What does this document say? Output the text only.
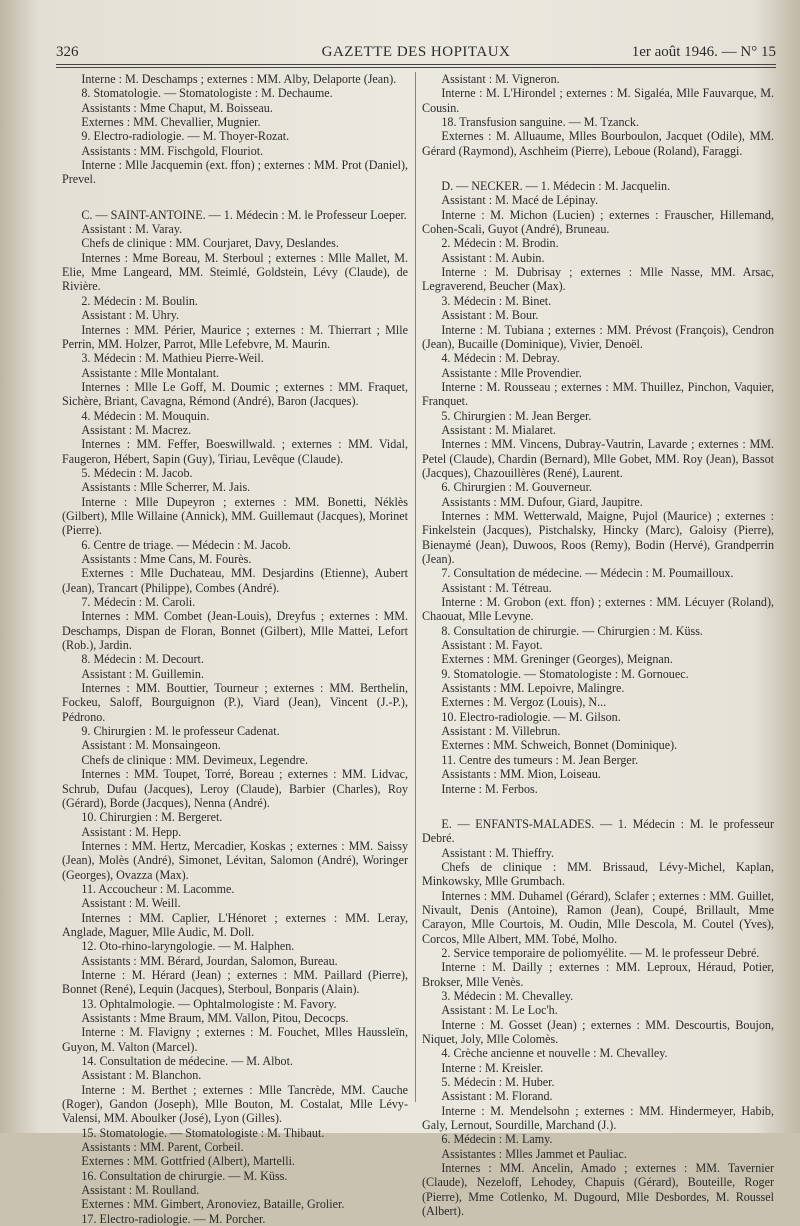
326	GAZETTE DES HOPITAUX	1er août 1946. — N° 15

Interne : M. Deschamps ; externes : MM. Alby, Delaporte (Jean).

8. Stomatologie. — Stomatologiste : M. Dechaume.

Assistants : Mme Chaput, M. Boisseau.

Externes : MM. Chevallier, Mugnier.

9. Electro-radiologie. — M. Thoyer-Rozat.

Assistants : MM. Fischgold, Flouriot.

Interne : Mlle Jacquemin (ext. ffon) ; externes : MM. Prot (Daniel), Prevel.

C. — SAINT-ANTOINE. — 1. Médecin : M. le Professeur Loeper.

Assistant : M. Varay.

Chefs de clinique : MM. Courjaret, Davy, Deslandes.

Internes : Mme Boreau, M. Sterboul ; externes : Mlle Mallet, M. Elie, Mme Langeard, MM. Steimlé, Goldstein, Lévy (Claude), de Rivière.

2. Médecin : M. Boulin.

Assistant : M. Uhry.

Internes : MM. Périer, Maurice ; externes : M. Thierrart ; Mlle Perrin, MM. Holzer, Parrot, Mlle Lefebvre, M. Maurin.

3. Médecin : M. Mathieu Pierre-Weil.

Assistante : Mlle Montalant.

Internes : Mlle Le Goff, M. Doumic ; externes : MM. Fraquet, Sichère, Briant, Cavagna, Rémond (André), Baron (Jacques).

4. Médecin : M. Mouquin.

Assistant : M. Macrez.

Internes : MM. Feffer, Boeswillwald. ; externes : MM. Vidal, Faugeron, Hébert, Sapin (Guy), Tiriau, Levêque (Claude).

5. Médecin : M. Jacob.

Assistants : Mlle Scherrer, M. Jais.

Interne : Mlle Dupeyron ; externes : MM. Bonetti, Néklès (Gilbert), Mlle Willaine (Annick), MM. Guillemaut (Jacques), Morinet (Pierre).

6. Centre de triage. — Médecin : M. Jacob.

Assistants : Mme Cans, M. Fourès.

Externes : Mlle Duchateau, MM. Desjardins (Etienne), Aubert (Jean), Trancart (Philippe), Combes (André).

7. Médecin : M. Caroli.

Internes : MM. Combet (Jean-Louis), Dreyfus ; externes : MM. Deschamps, Dispan de Floran, Bonnet (Gilbert), Mlle Mattei, Lefort (Rob.), Jardin.

8. Médecin : M. Decourt.

Assistant : M. Guillemin.

Internes : MM. Bouttier, Tourneur ; externes : MM. Berthelin, Fockeu, Saloff, Bourguignon (P.), Viard (Jean), Vincent (J.-P.), Pédrono.

9. Chirurgien : M. le professeur Cadenat.

Assistant : M. Monsaingeon.

Chefs de clinique : MM. Devimeux, Legendre.

Internes : MM. Toupet, Torré, Boreau ; externes : MM. Lidvac, Schrub, Dufau (Jacques), Leroy (Claude), Barbier (Charles), Roy (Gérard), Borde (Jacques), Nenna (André).

10. Chirurgien : M. Bergeret.

Assistant : M. Hepp.

Internes : MM. Hertz, Mercadier, Koskas ; externes : MM. Saissy (Jean), Molès (André), Simonet, Lévitan, Salomon (André), Woringer (Georges), Ovazza (Max).

11. Accoucheur : M. Lacomme.

Assistant : M. Weill.

Internes : MM. Caplier, L'Hénoret ; externes : MM. Leray, Anglade, Maguer, Mlle Audic, M. Doll.

12. Oto-rhino-laryngologie. — M. Halphen.

Assistants : MM. Bérard, Jourdan, Salomon, Bureau.

Interne : M. Hérard (Jean) ; externes : MM. Paillard (Pierre), Bonnet (René), Lequin (Jacques), Sterboul, Bonparis (Alain).

13. Ophtalmologie. — Ophtalmologiste : M. Favory.

Assistants : Mme Braum, MM. Vallon, Pitou, Decocps.

Interne : M. Flavigny ; externes : M. Fouchet, Mlles Haussleïn, Guyon, M. Valton (Marcel).

14. Consultation de médecine. — M. Albot.

Assistant : M. Blanchon.

Interne : M. Berthet ; externes : Mlle Tancrède, MM. Cauche (Roger), Gandon (Joseph), Mlle Bouton, M. Costalat, Mlle Lévy-Valensi, MM. Aboulker (José), Lyon (Gilles).

15. Stomatologie. — Stomatologiste : M. Thibaut.

Assistants : MM. Parent, Corbeil.

Externes : MM. Gottfried (Albert), Martelli.

16. Consultation de chirurgie. — M. Küss.

Assistant : M. Roulland.

Externes : MM. Gimbert, Aronoviez, Bataille, Grolier.

17. Electro-radiologie. — M. Porcher.

Assistant : M. Vigneron.

Interne : M. L'Hirondel ; externes : M. Sigaléa, Mlle Fauvarque, M. Cousin.

18. Transfusion sanguine. — M. Tzanck.

Externes : M. Alluaume, Mlles Bourboulon, Jacquet (Odile), MM. Gérard (Raymond), Aschheim (Pierre), Leboue (Roland), Faraggi.

D. — NECKER. — 1. Médecin : M. Jacquelin.

Assistant : M. Macé de Lépinay.

Interne : M. Michon (Lucien) ; externes : Frauscher, Hillemand, Cohen-Scali, Guyot (André), Bruneau.

2. Médecin : M. Brodin.

Assistant : M. Aubin.

Interne : M. Dubrisay ; externes : Mlle Nasse, MM. Arsac, Legraverend, Beucher (Max).

3. Médecin : M. Binet.

Assistant : M. Bour.

Interne : M. Tubiana ; externes : MM. Prévost (François), Cendron (Jean), Bucaille (Dominique), Vivier, Denoël.

4. Médecin : M. Debray.

Assistante : Mlle Provendier.

Interne : M. Rousseau ; externes : MM. Thuillez, Pinchon, Vaquier, Franquet.

5. Chirurgien : M. Jean Berger.

Assistant : M. Mialaret.

Internes : MM. Vincens, Dubray-Vautrin, Lavarde ; externes : MM. Petel (Claude), Chardin (Bernard), Mlle Gobet, MM. Roy (Jean), Bassot (Jacques), Chazouillères (René), Laurent.

6. Chirurgien : M. Gouverneur.

Assistants : MM. Dufour, Giard, Jaupitre.

Internes : MM. Wetterwald, Maigne, Pujol (Maurice) ; externes : Finkelstein (Jacques), Pistchalsky, Hincky (Marc), Galoisy (Pierre), Bienaymé (Jean), Duwoos, Roos (Remy), Bodin (Hervé), Grandperrin (Jean).

7. Consultation de médecine. — Médecin : M. Poumailloux.

Assistant : M. Tétreau.

Interne : M. Grobon (ext. ffon) ; externes : MM. Lécuyer (Roland), Chaouat, Mlle Levyne.

8. Consultation de chirurgie. — Chirurgien : M. Küss.

Assistant : M. Fayot.

Externes : MM. Greninger (Georges), Meignan.

9. Stomatologie. — Stomatologiste : M. Gornouec.

Assistants : MM. Lepoivre, Malingre.

Externes : M. Vergoz (Louis), N...

10. Electro-radiologie. — M. Gilson.

Assistant : M. Villebrun.

Externes : MM. Schweich, Bonnet (Dominique).

11. Centre des tumeurs : M. Jean Berger.

Assistants : MM. Mion, Loiseau.

Interne : M. Ferbos.

E. — ENFANTS-MALADES. — 1. Médecin : M. le professeur Debré.

Assistant : M. Thieffry.

Chefs de clinique : MM. Brissaud, Lévy-Michel, Kaplan, Minkowsky, Mlle Grumbach.

Internes : MM. Duhamel (Gérard), Sclafer ; externes : MM. Guillet, Nivault, Denis (Antoine), Ramon (Jean), Coupé, Brillault, Mme Carayon, Mlle Courtois, M. Oudin, Mlle Descola, M. Coutel (Yves), Corcos, Mlle Albert, MM. Tobé, Molho.

2. Service temporaire de poliomyélite. — M. le professeur Debré.

Interne : M. Dailly ; externes : MM. Leproux, Héraud, Potier, Brokser, Mlle Venès.

3. Médecin : M. Chevalley.

Assistant : M. Le Loc'h.

Interne : M. Gosset (Jean) ; externes : MM. Descourtis, Boujon, Niquet, Joly, Mlle Colomès.

4. Crèche ancienne et nouvelle : M. Chevalley.

Interne : M. Kreisler.

5. Médecin : M. Huber.

Assistant : M. Florand.

Interne : M. Mendelsohn ; externes : MM. Hindermeyer, Habib, Galy, Lernout, Sourdille, Marchand (J.).

6. Médecin : M. Lamy.

Assistantes : Mlles Jammet et Pauliac.

Internes : MM. Ancelin, Amado ; externes : MM. Tavernier (Claude), Nezeloff, Lehodey, Chapuis (Gérard), Bouteille, Roger (Pierre), Mme Cotlenko, M. Dugourd, Mlle Desbordes, M. Roussel (Albert).
